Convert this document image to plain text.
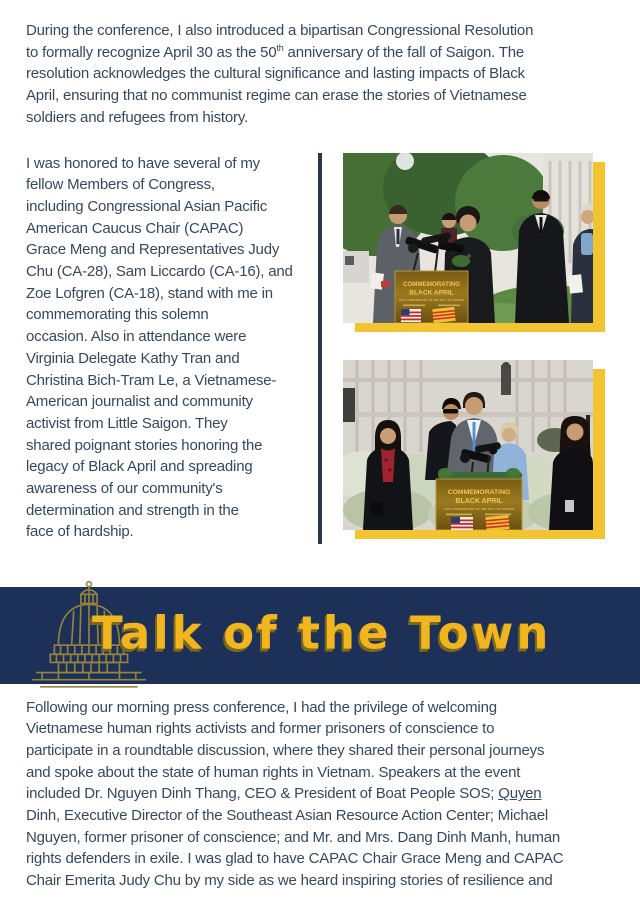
During the conference, I also introduced a bipartisan Congressional Resolution
to formally recognize April 30 as the 50th anniversary of the fall of Saigon. The
resolution acknowledges the cultural significance and lasting impacts of Black
April, ensuring that no communist regime can erase the stories of Vietnamese
soldiers and refugees from history.
I was honored to have several of my
fellow Members of Congress,
including Congressional Asian Pacific
American Caucus Chair (CAPAC)
Grace Meng and Representatives Judy
Chu (CA-28), Sam Liccardo (CA-16), and
Zoe Lofgren (CA-18), stand with me in
commemorating this solemn
occasion. Also in attendance were
Virginia Delegate Kathy Tran and
Christina Bich-Tram Le, a Vietnamese-
American journalist and community
activist from Little Saigon. They
shared poignant stories honoring the
legacy of Black April and spreading
awareness of our community's
determination and strength in the
face of hardship.
COMMEMORATING
BLACK APRIL
50TH ANNIVERSARY OF THE FALL OF SAIGON
COMMEMORATING
BLACK APRIL
50TH ANNIVERSARY OF THE FALL OF SAIGON
Talk of the Town
Following our morning press conference, I had the privilege of welcoming
Vietnamese human rights activists and former prisoners of conscience to
participate in a roundtable discussion, where they shared their personal journeys
and spoke about the state of human rights in Vietnam. Speakers at the event
included Dr. Nguyen Dinh Thang, CEO & President of Boat People SOS; Quyen
Dinh, Executive Director of the Southeast Asian Resource Action Center; Michael
Nguyen, former prisoner of conscience; and Mr. and Mrs. Dang Dinh Manh, human
rights defenders in exile. I was glad to have CAPAC Chair Grace Meng and CAPAC
Chair Emerita Judy Chu by my side as we heard inspiring stories of resilience and
